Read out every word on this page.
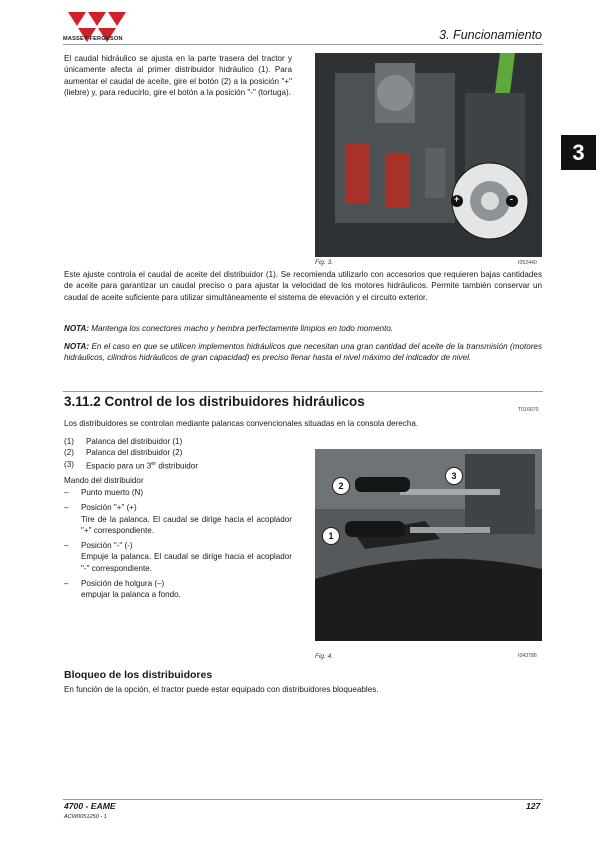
MASSEY FERGUSON	3. Funcionamiento
3
El caudal hidráulico se ajusta en la parte trasera del tractor y únicamente afecta al primer distribuidor hidráulico (1). Para aumentar el caudal de aceite, gire el botón (2) a la posición "+" (liebre) y, para reducirlo, gire el botón a la posición "-" (tortuga).
+	-
Fig. 3.	I052440
Este ajuste controla el caudal de aceite del distribuidor (1). Se recomienda utilizarlo con accesorios que requieren bajas cantidades de aceite para garantizar un caudal preciso o para ajustar la velocidad de los motores hidráulicos. Permite también conservar un caudal de aceite suficiente para utilizar simultáneamente el sistema de elevación y el circuito exterior.
NOTA: Mantenga los conectores macho y hembra perfectamente limpios en todo momento.
NOTA: En el caso en que se utilicen implementos hidráulicos que necesitan una gran cantidad del aceite de la transmisión (motores hidráulicos, cilindros hidráulicos de gran capacidad) es preciso llenar hasta el nivel máximo del indicador de nivel.
3.11.2 Control de los distribuidores hidráulicos
T016670
Los distribuidores se controlan mediante palancas convencionales situadas en la consola derecha.
(1)	Palanca del distribuidor (1)
(2)	Palanca del distribuidor (2)
(3)	Espacio para un 3er distribuidor
Mando del distribuidor
–	Punto muerto (N)
–	Posición "+" (+)
Tire de la palanca. El caudal se dirige hacia el acoplador "+" correspondiente.
–	Posición "-" (-)
Empuje la palanca. El caudal se dirige hacia el acoplador "-" correspondiente.
–	Posición de holgura (–)
empujar la palanca a fondo.
1
2
3
Fig. 4.	I043786
Bloqueo de los distribuidores
En función de la opción, el tractor puede estar equipado con distribuidores bloqueables.
4700 - EAME	127
ACW0051250 - 1
